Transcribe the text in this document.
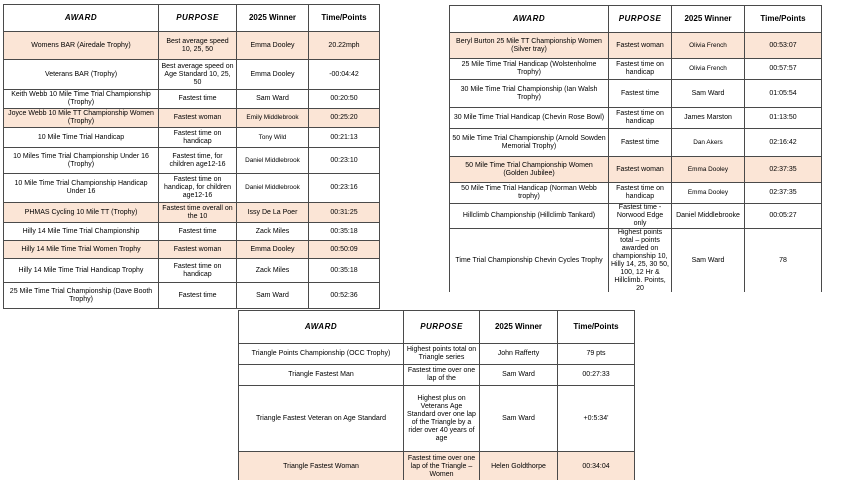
AWARD	PURPOSE	2025 Winner	Time/Points
Womens BAR (Airedale Trophy)	Best average speed 10, 25, 50	Emma Dooley	20.22mph
Veterans BAR (Trophy)	Best average speed on Age Standard 10, 25, 50	Emma Dooley	-00:04:42
Keith Webb 10 Mile Time Trial Championship (Trophy)	Fastest time	Sam Ward	00:20:50
Joyce Webb 10 Mile TT Championship Women (Trophy)	Fastest woman	Emily Middlebrook	00:25:20
10 Mile Time Trial Handicap	Fastest time on handicap	Tony Wild	00:21:13
10 Miles Time Trial Championship Under 16 (Trophy)	Fastest time, for children age12-16	Daniel Middlebrook	00:23:10
10 Mile Time Trial Championship Handicap Under 16	Fastest time on handicap, for children age12-16	Daniel Middlebrook	00:23:16
PHMAS Cycling 10 Mile TT (Trophy)	Fastest time overall on the 10	Issy De La Poer	00:31:25
Hilly 14 Mile Time Trial Championship	Fastest time	Zack Miles	00:35:18
Hilly 14 Mile Time Trial Women Trophy	Fastest woman	Emma Dooley	00:50:09
Hilly 14 Mile Time Trial Handicap Trophy	Fastest time on handicap	Zack Miles	00:35:18
25 Mile Time Trial Championship (Dave Booth Trophy)	Fastest time	Sam Ward	00:52:36
AWARD	PURPOSE	2025 Winner	Time/Points
Beryl Burton 25 Mile TT Championship Women (Silver tray)	Fastest woman	Olivia French	00:53:07
25 Mile Time Trial Handicap (Wolstenholme Trophy)	Fastest time on handicap	Olivia French	00:57:57
30 Mile Time Trial Championship (Ian Walsh Trophy)	Fastest time	Sam Ward	01:05:54
30 Mile Time Trial Handicap (Chevin Rose Bowl)	Fastest time on handicap	James Marston	01:13:50
50 Mile Time Trial Championship (Arnold Sowden Memorial Trophy)	Fastest time	Dan Akers	02:16:42
50 Mile Time Trial Championship Women (Golden Jubilee)	Fastest woman	Emma Dooley	02:37:35
50 Mile Time Trial Handicap (Norman Webb trophy)	Fastest time on handicap	Emma Dooley	02:37:35
Hillclimb Championship (Hillclimb Tankard)	Fastest time - Norwood Edge only	Daniel Middlebrooke	00:05:27
Time Trial Championship Chevin Cycles Trophy	Highest points total – points awarded on championship 10, Hilly 14, 25, 30 50, 100, 12 Hr & Hillclimb. Points, 20	Sam Ward	78
AWARD	PURPOSE	2025 Winner	Time/Points
Triangle Points Championship (OCC Trophy)	Highest points total on Triangle series	John Rafferty	79 pts
Triangle Fastest Man	Fastest time over one lap of the	Sam Ward	00:27:33
Triangle Fastest Veteran on Age Standard	Highest plus on Veterans Age Standard over one lap of the Triangle by a rider over 40 years of age	Sam Ward	+0:5:34'
Triangle Fastest Woman	Fastest time over one lap of the Triangle – Women	Helen Goldthorpe	00:34:04
